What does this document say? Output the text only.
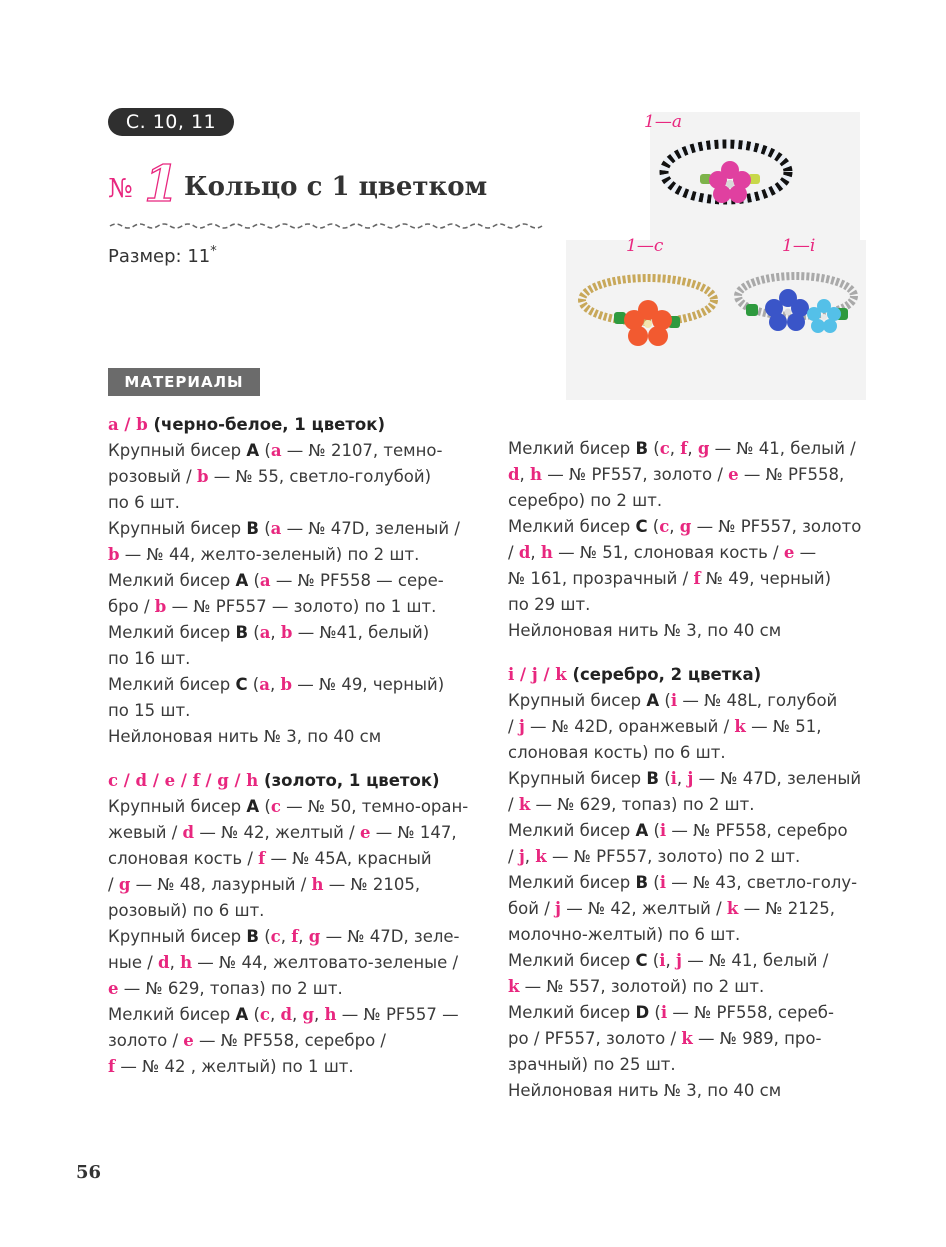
С. 10, 11
№ 1 Кольцо с 1 цветком
Размер: 11*
МАТЕРИАЛЫ
1—a
1—c	1—i
a / b (черно-белое, 1 цветок)
Крупный бисер A (a — № 2107, темно-
розовый / b — № 55, светло-голубой)
по 6 шт.
Крупный бисер B (a — № 47D, зеленый /
b — № 44, желто-зеленый) по 2 шт.
Мелкий бисер A (a — № PF558 — сере-
бро / b — № PF557 — золото) по 1 шт.
Мелкий бисер B (a, b — №41, белый)
по 16 шт.
Мелкий бисер C (a, b — № 49, черный)
по 15 шт.
Нейлоновая нить № 3, по 40 см
c / d / e / f / g / h (золото, 1 цветок)
Крупный бисер A (c — № 50, темно-оран-
жевый / d — № 42, желтый / e — № 147,
слоновая кость / f — № 45A, красный
/ g — № 48, лазурный / h — № 2105,
розовый) по 6 шт.
Крупный бисер B (c, f, g — № 47D, зеле-
ные / d, h — № 44, желтовато-зеленые /
e — № 629, топаз) по 2 шт.
Мелкий бисер A (c, d, g, h — № PF557 —
золото / e — № PF558, серебро /
f — № 42 , желтый) по 1 шт.
Мелкий бисер B (c, f, g — № 41, белый /
d, h — № PF557, золото / e — № PF558,
серебро) по 2 шт.
Мелкий бисер C (c, g — № PF557, золото
/ d, h — № 51, слоновая кость / e —
№ 161, прозрачный / f № 49, черный)
по 29 шт.
Нейлоновая нить № 3, по 40 см
i / j / k (серебро, 2 цветка)
Крупный бисер A (i — № 48L, голубой
/ j — № 42D, оранжевый / k — № 51,
слоновая кость) по 6 шт.
Крупный бисер B (i, j — № 47D, зеленый
/ k — № 629, топаз) по 2 шт.
Мелкий бисер A (i — № PF558, серебро
/ j, k — № PF557, золото) по 2 шт.
Мелкий бисер B (i — № 43, светло-голу-
бой / j — № 42, желтый / k — № 2125,
молочно-желтый) по 6 шт.
Мелкий бисер C (i, j — № 41, белый /
k — № 557, золотой) по 2 шт.
Мелкий бисер D (i — № PF558, сереб-
ро / PF557, золото / k — № 989, про-
зрачный) по 25 шт.
Нейлоновая нить № 3, по 40 см
56
